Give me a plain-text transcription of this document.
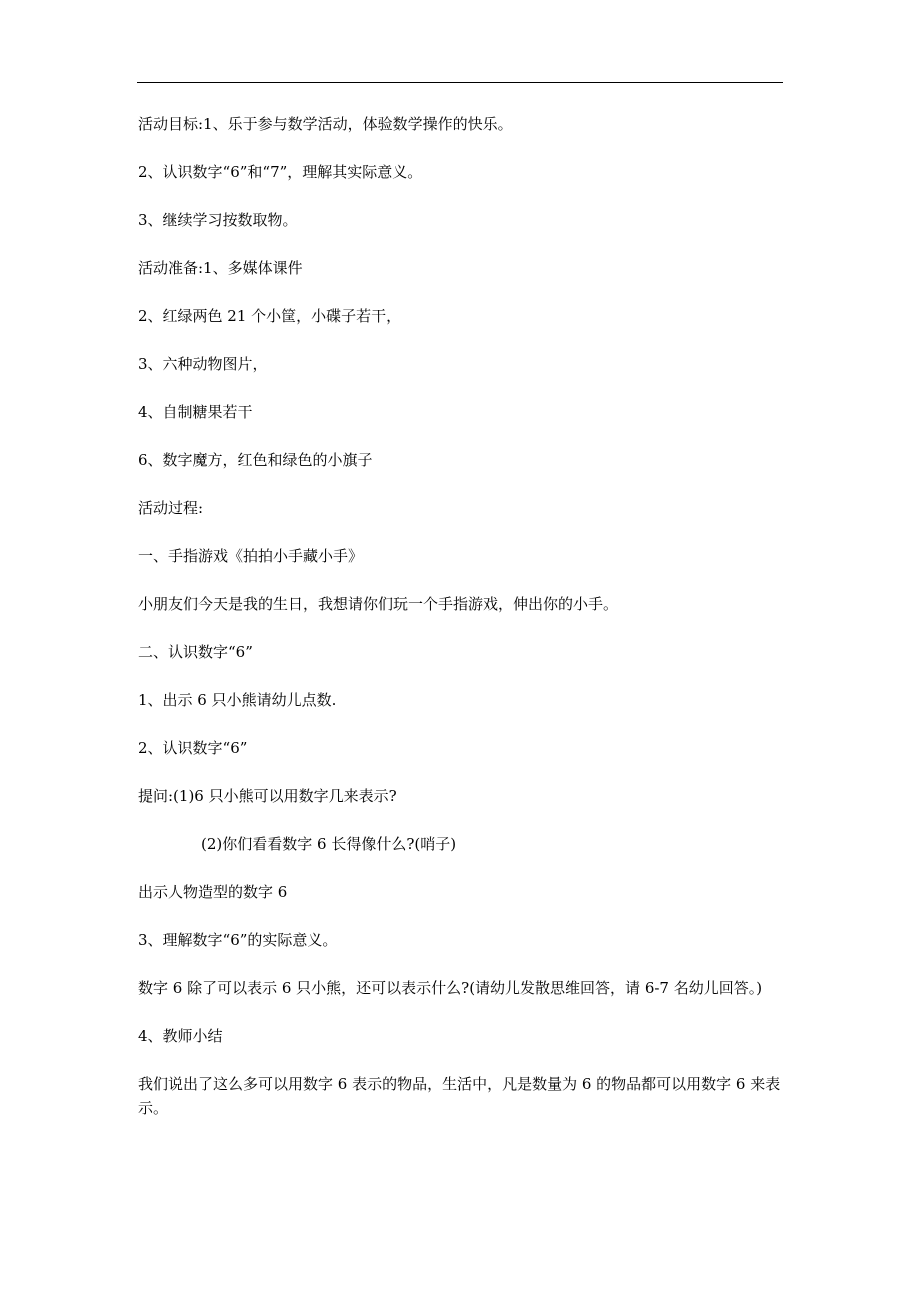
活动目标:1、乐于参与数学活动，体验数学操作的快乐。

2、认识数字“6”和“7”，理解其实际意义。

3、继续学习按数取物。

活动准备:1、多媒体课件

2、红绿两色 21 个小筐，小碟子若干，

3、六种动物图片，

4、自制糖果若干

6、数字魔方，红色和绿色的小旗子

活动过程:

一、手指游戏《拍拍小手藏小手》

小朋友们今天是我的生日，我想请你们玩一个手指游戏，伸出你的小手。

二、认识数字“6”

1、出示 6 只小熊请幼儿点数.

2、认识数字“6”

提问:(1)6 只小熊可以用数字几来表示?

(2)你们看看数字 6 长得像什么?(哨子)

出示人物造型的数字 6

3、理解数字“6”的实际意义。

数字 6 除了可以表示 6 只小熊，还可以表示什么?(请幼儿发散思维回答，请 6-7 名幼儿回答。)

4、教师小结

我们说出了这么多可以用数字 6 表示的物品，生活中，凡是数量为 6 的物品都可以用数字 6 来表示。
